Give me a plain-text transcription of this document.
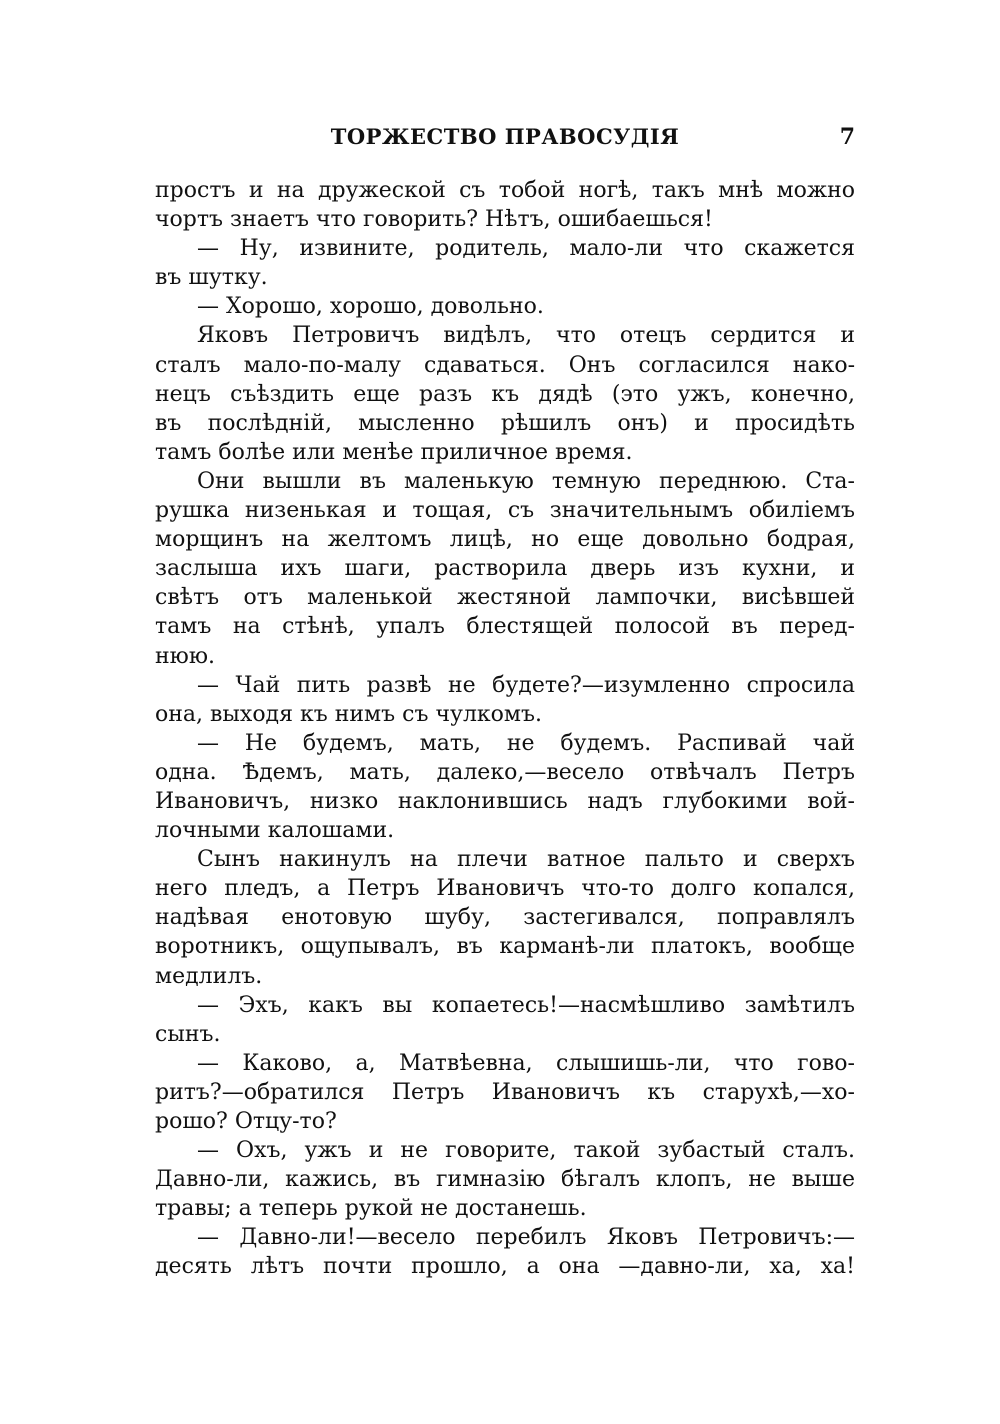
ТОРЖЕСТВО ПРАВОСУДІЯ	7
простъ и на дружеской съ тобой ногѣ, такъ мнѣ можно
чортъ знаетъ что говорить? Нѣтъ, ошибаешься!
— Ну, извините, родитель, мало-ли что скажется
въ шутку.
— Хорошо, хорошо, довольно.
Яковъ Петровичъ видѣлъ, что отецъ сердится и
сталъ мало-по-малу сдаваться. Онъ согласился нако-
нецъ съѣздить еще разъ къ дядѣ (это ужъ, конечно,
въ послѣдній, мысленно рѣшилъ онъ) и просидѣть
тамъ болѣе или менѣе приличное время.
Они вышли въ маленькую темную переднюю. Ста-
рушка низенькая и тощая, съ значительнымъ обиліемъ
морщинъ на желтомъ лицѣ, но еще довольно бодрая,
заслыша ихъ шаги, растворила дверь изъ кухни, и
свѣтъ отъ маленькой жестяной лампочки, висѣвшей
тамъ на стѣнѣ, упалъ блестящей полосой въ перед-
нюю.
— Чай пить развѣ не будете?—изумленно спросила
она, выходя къ нимъ съ чулкомъ.
— Не будемъ, мать, не будемъ. Распивай чай
одна. Ѣдемъ, мать, далеко,—весело отвѣчалъ Петръ
Ивановичъ, низко наклонившись надъ глубокими вой-
лочными калошами.
Сынъ накинулъ на плечи ватное пальто и сверхъ
него пледъ, а Петръ Ивановичъ что-то долго копался,
надѣвая енотовую шубу, застегивался, поправлялъ
воротникъ, ощупывалъ, въ карманѣ-ли платокъ, вообще
медлилъ.
— Эхъ, какъ вы копаетесь!—насмѣшливо замѣтилъ
сынъ.
— Каково, а, Матвѣевна, слышишь-ли, что гово-
ритъ?—обратился Петръ Ивановичъ къ старухѣ,—хо-
рошо? Отцу-то?
— Охъ, ужъ и не говорите, такой зубастый сталъ.
Давно-ли, кажись, въ гимназію бѣгалъ клопъ, не выше
травы; а теперь рукой не достанешь.
— Давно-ли!—весело перебилъ Яковъ Петровичъ:—
десять лѣтъ почти прошло, а она —давно-ли, ха, ха!
